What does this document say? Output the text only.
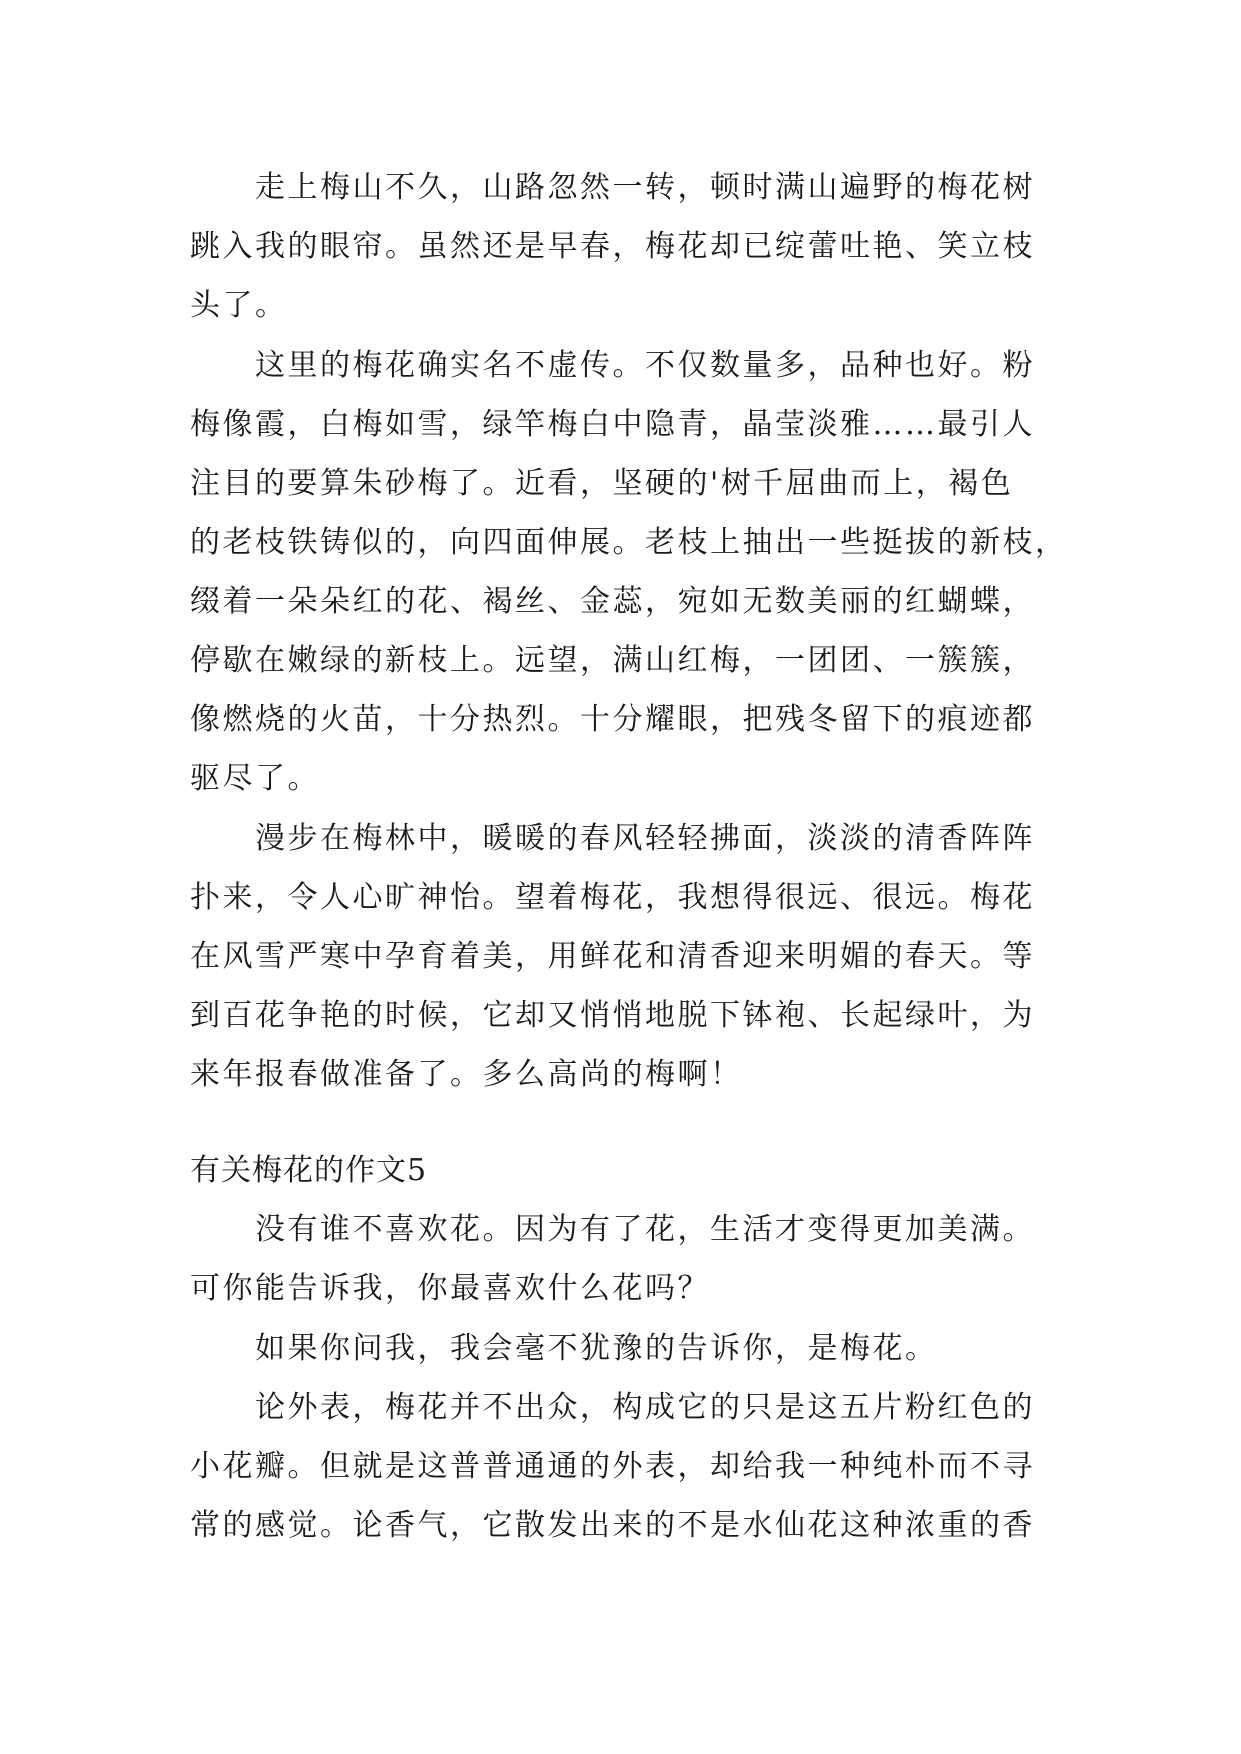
　　走上梅山不久，山路忽然一转，顿时满山遍野的梅花树
跳入我的眼帘。虽然还是早春，梅花却已绽蕾吐艳、笑立枝
头了。
　　这里的梅花确实名不虚传。不仅数量多，品种也好。粉
梅像霞，白梅如雪，绿竿梅白中隐青，晶莹淡雅……最引人
注目的要算朱砂梅了。近看，坚硬的'树千屈曲而上，褐色
的老枝铁铸似的，向四面伸展。老枝上抽出一些挺拔的新枝，
缀着一朵朵红的花、褐丝、金蕊，宛如无数美丽的红蝴蝶，
停歇在嫩绿的新枝上。远望，满山红梅，一团团、一簇簇，
像燃烧的火苗，十分热烈。十分耀眼，把残冬留下的痕迹都
驱尽了。
　　漫步在梅林中，暖暖的春风轻轻拂面，淡淡的清香阵阵
扑来，令人心旷神怡。望着梅花，我想得很远、很远。梅花
在风雪严寒中孕育着美，用鲜花和清香迎来明媚的春天。等
到百花争艳的时候，它却又悄悄地脱下钵袍、长起绿叶，为
来年报春做准备了。多么高尚的梅啊！
有关梅花的作文5
　　没有谁不喜欢花。因为有了花，生活才变得更加美满。
可你能告诉我，你最喜欢什么花吗？
　　如果你问我，我会毫不犹豫的告诉你，是梅花。
　　论外表，梅花并不出众，构成它的只是这五片粉红色的
小花瓣。但就是这普普通通的外表，却给我一种纯朴而不寻
常的感觉。论香气，它散发出来的不是水仙花这种浓重的香
